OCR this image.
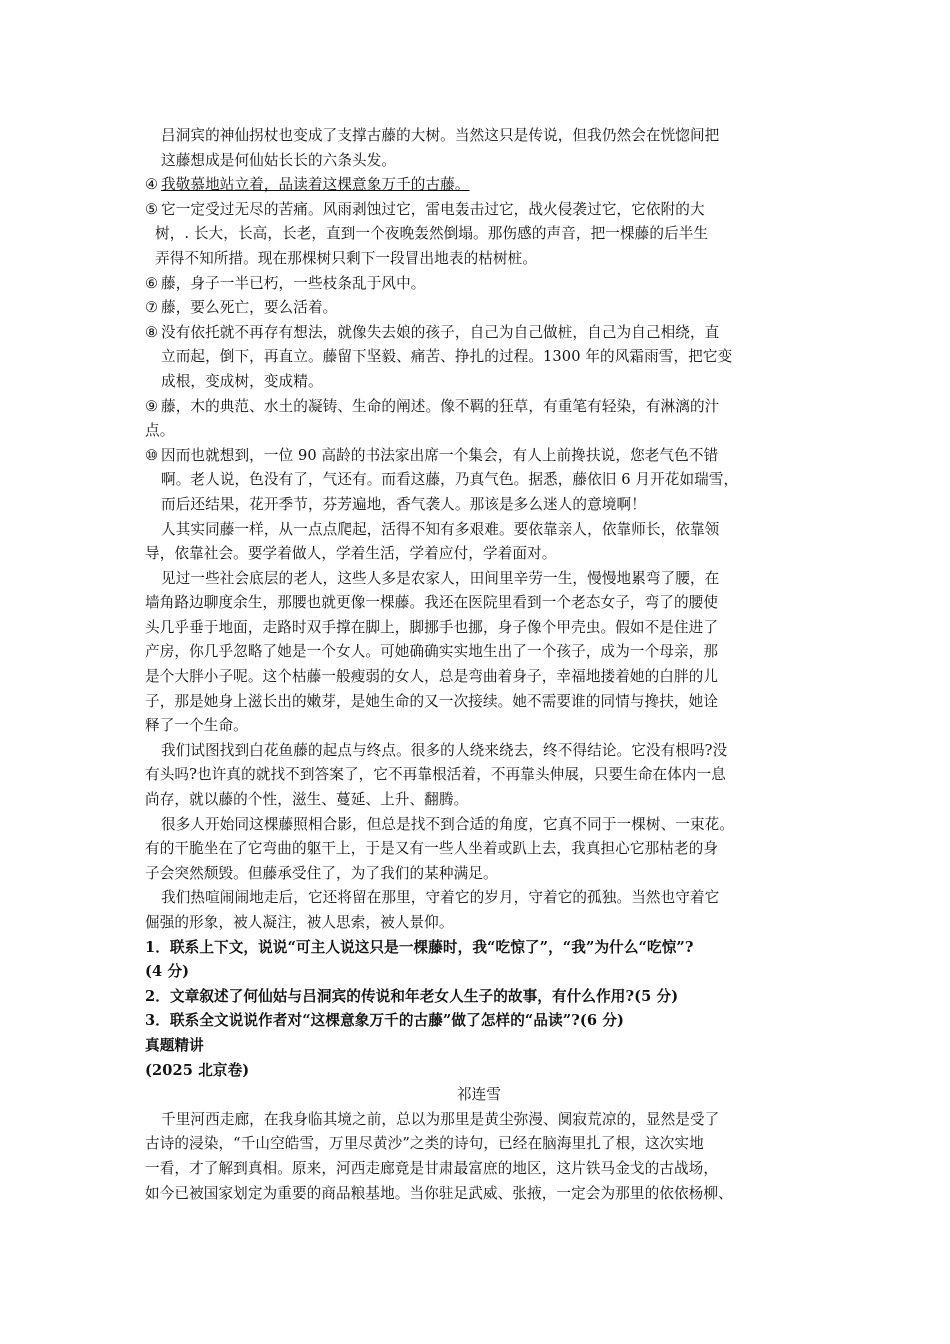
吕洞宾的神仙拐杖也变成了支撑古藤的大树。当然这只是传说，但我仍然会在恍惚间把
这藤想成是何仙姑长长的六条头发。
④ 我敬慕地站立着，品读着这棵意象万千的古藤。
⑤ 它一定受过无尽的苦痛。风雨剥蚀过它，雷电轰击过它，战火侵袭过它，它依附的大
树，. 长大，长高，长老，直到一个夜晚轰然倒塌。那伤感的声音，把一棵藤的后半生
弄得不知所措。现在那棵树只剩下一段冒出地表的枯树桩。
⑥ 藤，身子一半已朽，一些枝条乱于风中。
⑦ 藤，要么死亡，要么活着。
⑧ 没有依托就不再存有想法，就像失去娘的孩子，自己为自己做桩，自己为自己相绕，直
立而起，倒下，再直立。藤留下坚毅、痛苦、挣扎的过程。1300 年的风霜雨雪，把它变
成根，变成树，变成精。
⑨ 藤，木的典范、水土的凝铸、生命的阐述。像不羁的狂草，有重笔有轻染，有淋漓的汁
点。
⑩ 因而也就想到，一位 90 高龄的书法家出席一个集会，有人上前搀扶说，您老气色不错
啊。老人说，色没有了，气还有。而看这藤，乃真气色。据悉，藤依旧 6 月开花如瑞雪，
而后还结果，花开季节，芬芳遍地，香气袭人。那该是多么迷人的意境啊！
人其实同藤一样，从一点点爬起，活得不知有多艰难。要依靠亲人，依靠师长，依靠领
导，依靠社会。要学着做人，学着生活，学着应付，学着面对。
见过一些社会底层的老人，这些人多是农家人，田间里辛劳一生，慢慢地累弯了腰，在
墙角路边聊度余生，那腰也就更像一棵藤。我还在医院里看到一个老态女子，弯了的腰使
头几乎垂于地面，走路时双手撑在脚上，脚挪手也挪，身子像个甲壳虫。假如不是住进了
产房，你几乎忽略了她是一个女人。可她确确实实地生出了一个孩子，成为一个母亲，那
是个大胖小子呢。这个枯藤一般瘦弱的女人，总是弯曲着身子，幸福地搂着她的白胖的儿
子，那是她身上滋长出的嫩芽，是她生命的又一次接续。她不需要谁的同情与搀扶，她诠
释了一个生命。
我们试图找到白花鱼藤的起点与终点。很多的人绕来绕去，终不得结论。它没有根吗?没
有头吗?也许真的就找不到答案了，它不再靠根活着，不再靠头伸展，只要生命在体内一息
尚存，就以藤的个性，滋生、蔓延、上升、翻腾。
很多人开始同这棵藤照相合影，但总是找不到合适的角度，它真不同于一棵树、一束花。
有的干脆坐在了它弯曲的躯干上，于是又有一些人坐着或趴上去，我真担心它那枯老的身
子会突然颓毁。但藤承受住了，为了我们的某种满足。
我们热喧闹闹地走后，它还将留在那里，守着它的岁月，守着它的孤独。当然也守着它
倔强的形象，被人凝注，被人思索，被人景仰。
1．联系上下文，说说“可主人说这只是一棵藤时，我“吃惊了”，“我”为什么“吃惊”?
(4 分)
2．文章叙述了何仙姑与吕洞宾的传说和年老女人生子的故事，有什么作用?(5 分)
3．联系全文说说作者对“这棵意象万千的古藤”做了怎样的“品读”?(6 分)
真题精讲
(2025 北京卷)
祁连雪
千里河西走廊，在我身临其境之前，总以为那里是黄尘弥漫、阒寂荒凉的，显然是受了
古诗的浸染，“千山空皓雪，万里尽黄沙”之类的诗句，已经在脑海里扎了根，这次实地
一看，才了解到真相。原来，河西走廊竟是甘肃最富庶的地区，这片铁马金戈的古战场，
如今已被国家划定为重要的商品粮基地。当你驻足武威、张掖，一定会为那里的依依杨柳、
